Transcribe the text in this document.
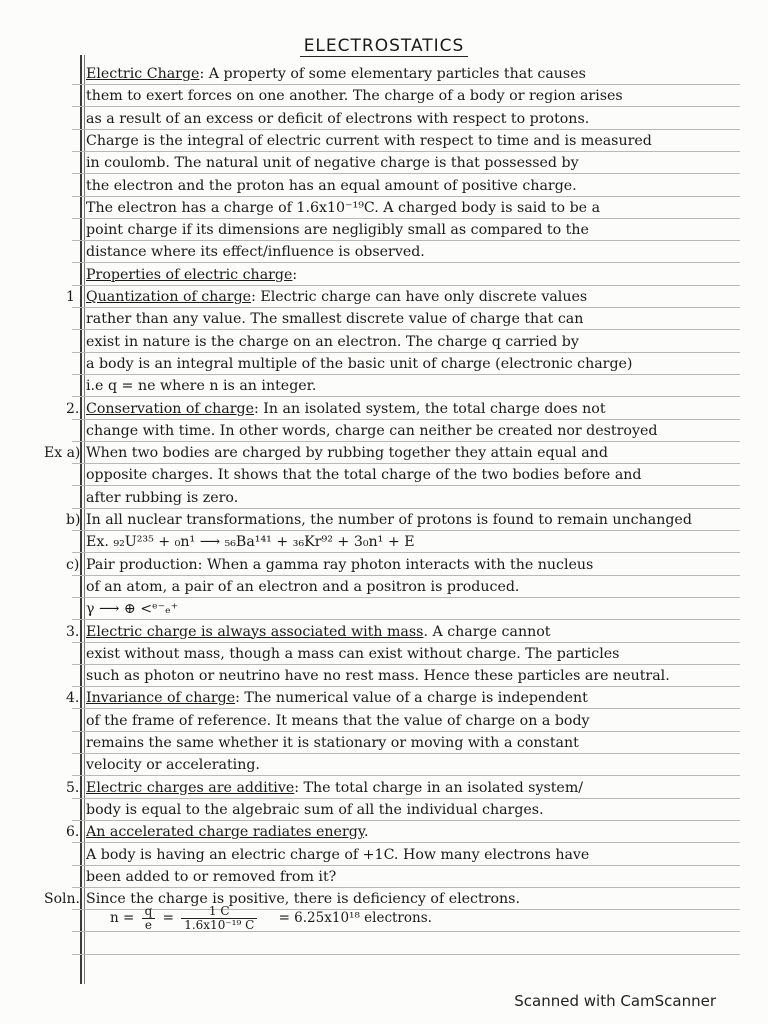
ELECTROSTATICS
Electric Charge: A property of some elementary particles that causes
them to exert forces on one another. The charge of a body or region arises
as a result of an excess or deficit of electrons with respect to protons.
Charge is the integral of electric current with respect to time and is measured
in coulomb. The natural unit of negative charge is that possessed by
the electron and the proton has an equal amount of positive charge.
The electron has a charge of 1.6x10⁻¹⁹C. A charged body is said to be a
point charge if its dimensions are negligibly small as compared to the
distance where its effect/influence is observed.
Properties of electric charge:
1 Quantization of charge: Electric charge can have only discrete values
rather than any value. The smallest discrete value of charge that can
exist in nature is the charge on an electron. The charge q carried by
a body is an integral multiple of the basic unit of charge (electronic charge)
i.e q = ne where n is an integer.
2. Conservation of charge: In an isolated system, the total charge does not
change with time. In other words, charge can neither be created nor destroyed
Ex a) When two bodies are charged by rubbing together they attain equal and
opposite charges. It shows that the total charge of the two bodies before and
after rubbing is zero.
b) In all nuclear transformations, the number of protons is found to remain unchanged
Ex. ₉₂U²³⁵ + ₀n¹ ⟶ ₅₆Ba¹⁴¹ + ₃₆Kr⁹² + 3₀n¹ + E
c) Pair production: When a gamma ray photon interacts with the nucleus
of an atom, a pair of an electron and a positron is produced.
γ ⟶ ⊕ <ᵉ⁻ₑ⁺
3. Electric charge is always associated with mass. A charge cannot
exist without mass, though a mass can exist without charge. The particles
such as photon or neutrino have no rest mass. Hence these particles are neutral.
4. Invariance of charge: The numerical value of a charge is independent
of the frame of reference. It means that the value of charge on a body
remains the same whether it is stationary or moving with a constant
velocity or accelerating.
5. Electric charges are additive: The total charge in an isolated system/
body is equal to the algebraic sum of all the individual charges.
6. An accelerated charge radiates energy.
A body is having an electric charge of +1C. How many electrons have
been added to or removed from it?
Soln. Since the charge is positive, there is deficiency of electrons.
$n = \frac{q}{e} = \frac{1 C}{\text{1.6x10⁻¹⁹ C}} = 6.25x10^{18}$ electrons.
Scanned with CamScanner
